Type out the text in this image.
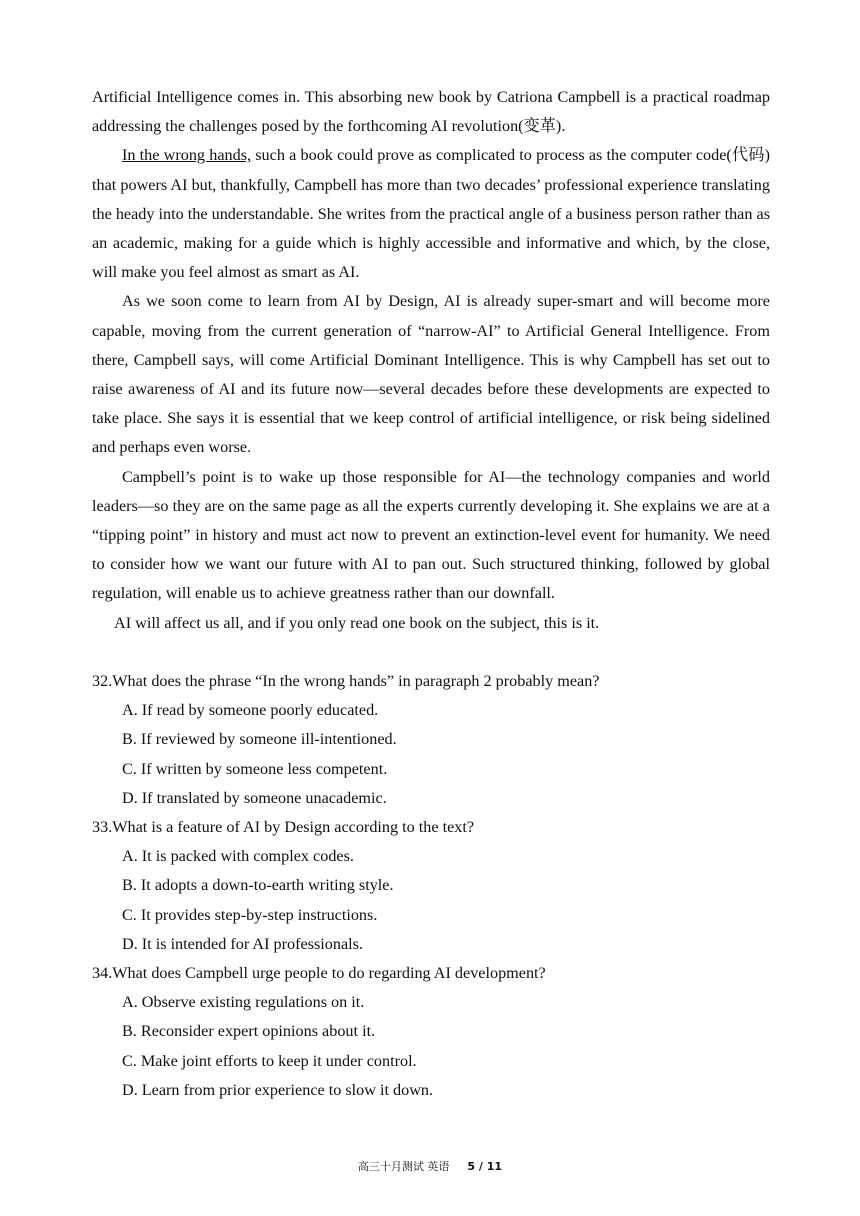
Artificial Intelligence comes in. This absorbing new book by Catriona Campbell is a practical roadmap addressing the challenges posed by the forthcoming AI revolution(变革).

In the wrong hands, such a book could prove as complicated to process as the computer code(代码) that powers AI but, thankfully, Campbell has more than two decades’ professional experience translating the heady into the understandable. She writes from the practical angle of a business person rather than as an academic, making for a guide which is highly accessible and informative and which, by the close, will make you feel almost as smart as AI.

As we soon come to learn from AI by Design, AI is already super-smart and will become more capable, moving from the current generation of “narrow-AI” to Artificial General Intelligence. From there, Campbell says, will come Artificial Dominant Intelligence. This is why Campbell has set out to raise awareness of AI and its future now—several decades before these developments are expected to take place. She says it is essential that we keep control of artificial intelligence, or risk being sidelined and perhaps even worse.

Campbell’s point is to wake up those responsible for AI—the technology companies and world leaders—so they are on the same page as all the experts currently developing it. She explains we are at a “tipping point” in history and must act now to prevent an extinction-level event for humanity. We need to consider how we want our future with AI to pan out. Such structured thinking, followed by global regulation, will enable us to achieve greatness rather than our downfall.

AI will affect us all, and if you only read one book on the subject, this is it.

32.What does the phrase “In the wrong hands” in paragraph 2 probably mean?

A. If read by someone poorly educated.

B. If reviewed by someone ill-intentioned.

C. If written by someone less competent.

D. If translated by someone unacademic.

33.What is a feature of AI by Design according to the text?

A. It is packed with complex codes.

B. It adopts a down-to-earth writing style.

C. It provides step-by-step instructions.

D. It is intended for AI professionals.

34.What does Campbell urge people to do regarding AI development?

A. Observe existing regulations on it.

B. Reconsider expert opinions about it.

C. Make joint efforts to keep it under control.

D. Learn from prior experience to slow it down.

高三十月测试 英语 5 / 11
